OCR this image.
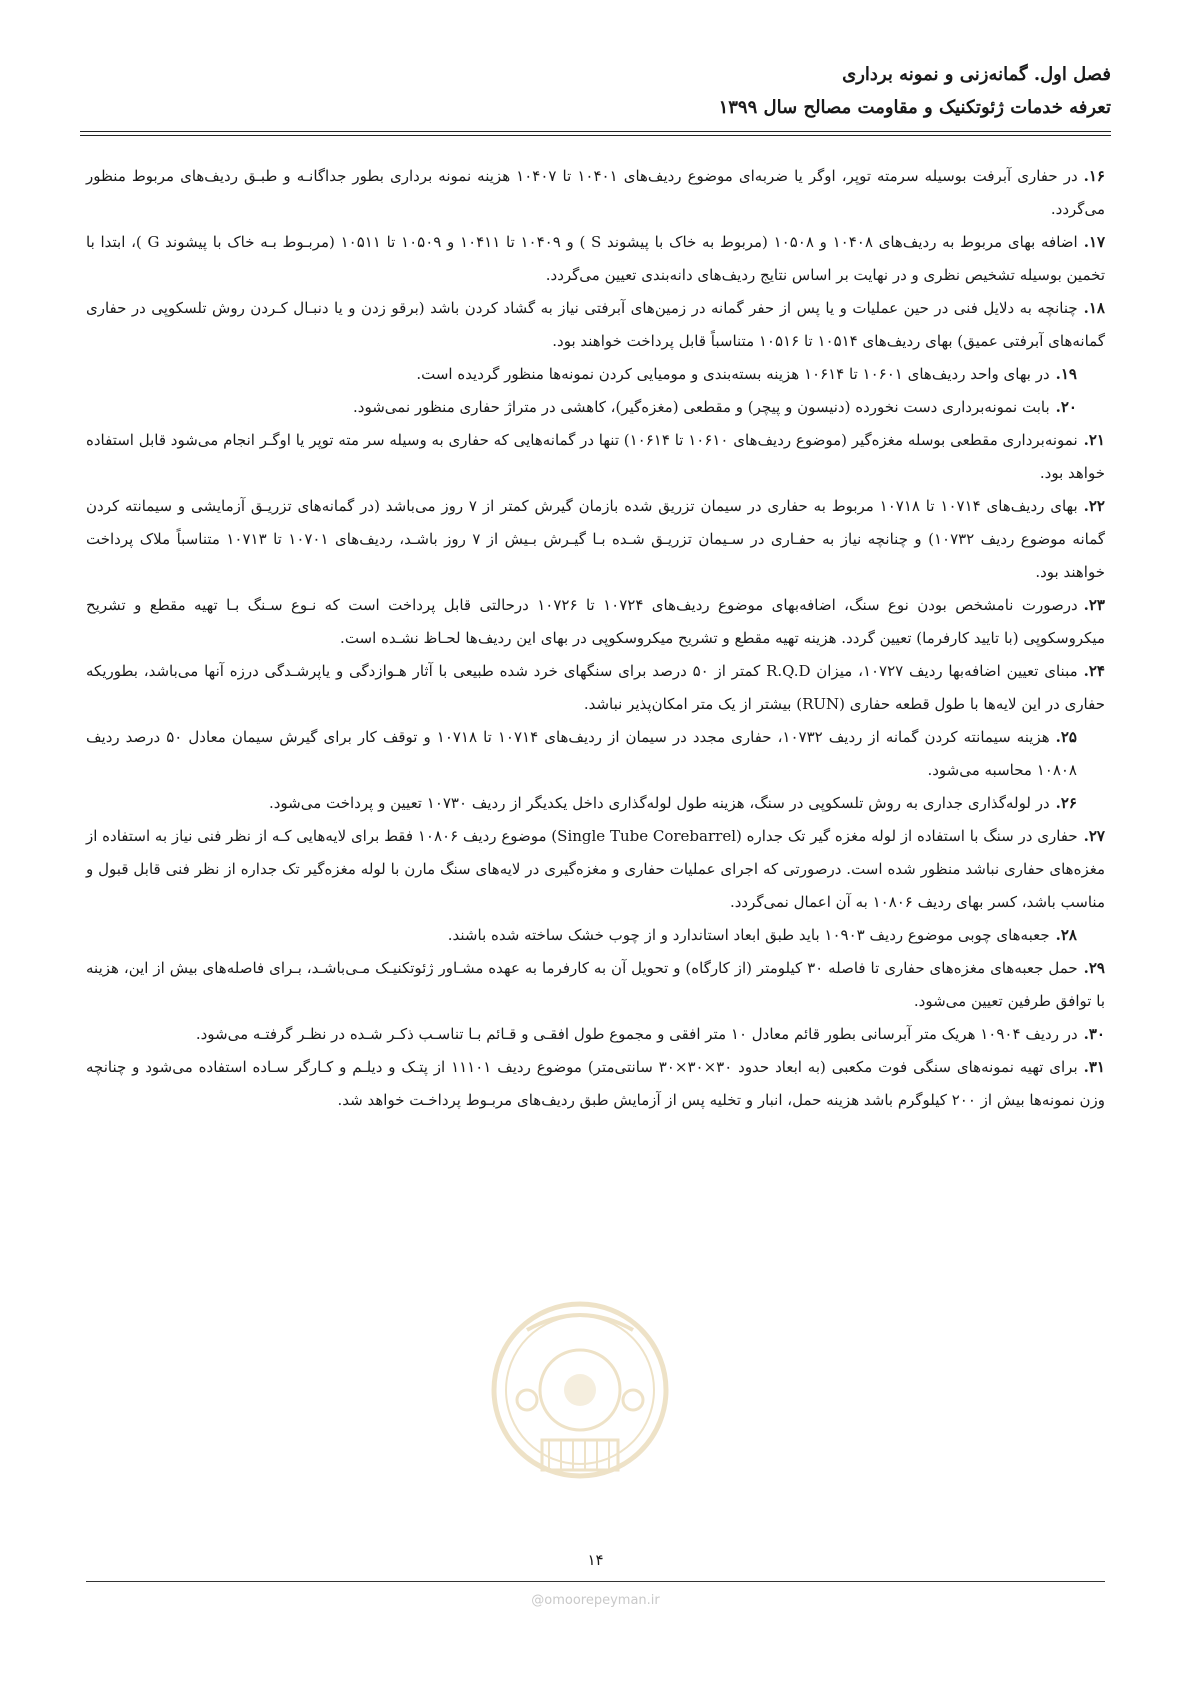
فصل اول. گمانه‌زنی و نمونه برداری
تعرفه خدمات ژئوتکنیک و مقاومت مصالح سال ۱۳۹۹

۱۶.در حفاری آبرفت بوسیله سرمته توپر، اوگر یا ضربه‌ای موضوع ردیف‌های ۱۰۴۰۱ تا ۱۰۴۰۷ هزینه نمونه برداری بطور جداگانـه و طبـق ردیف‌های مربوط منظور می‌گردد.

۱۷.اضافه بهای مربوط به ردیف‌های ۱۰۴۰۸ و ۱۰۵۰۸ (مربوط به خاک با پیشوند S ) و ۱۰۴۰۹ تا ۱۰۴۱۱ و ۱۰۵۰۹ تا ۱۰۵۱۱ (مربـوط بـه خاک با پیشوند G )، ابتدا با تخمین بوسیله تشخیص نظری و در نهایت بر اساس نتایج ردیف‌های دانه‌بندی تعیین می‌گردد.

۱۸.چنانچه به دلایل فنی در حین عملیات و یا پس از حفر گمانه در زمین‌های آبرفتی نیاز به گشاد کردن باشد (برقو زدن و یا دنبـال کـردن روش تلسکوپی در حفاری گمانه‌های آبرفتی عمیق) بهای ردیف‌های ۱۰۵۱۴ تا ۱۰۵۱۶ متناسباً قابل پرداخت خواهند بود.

۱۹.در بهای واحد ردیف‌های ۱۰۶۰۱ تا ۱۰۶۱۴ هزینه بسته‌بندی و مومیایی کردن نمونه‌ها منظور گردیده است.

۲۰.بابت نمونه‌برداری دست نخورده (دنیسون و پیچر) و مقطعی (مغزه‌گیر)، کاهشی در متراژ حفاری منظور نمی‌شود.

۲۱.نمونه‌برداری مقطعی بوسله مغزه‌گیر (موضوع ردیف‌های ۱۰۶۱۰ تا ۱۰۶۱۴) تنها در گمانه‌هایی که حفاری به وسیله سر مته توپر یا اوگـر انجام می‌شود قابل استفاده خواهد بود.

۲۲.بهای ردیف‌های ۱۰۷۱۴ تا ۱۰۷۱۸ مربوط به حفاری در سیمان تزریق شده بازمان گیرش کمتر از ۷ روز می‌باشد (در گمانه‌های تزریـق آزمایشی و سیمانته کردن گمانه موضوع ردیف ۱۰۷۳۲) و چنانچه نیاز به حفـاری در سـیمان تزریـق شـده بـا گیـرش بـیش از ۷ روز باشـد، ردیف‌های ۱۰۷۰۱ تا ۱۰۷۱۳ متناسباً ملاک پرداخت خواهند بود.

۲۳.درصورت نامشخص بودن نوع سنگ، اضافه‌بهای موضوع ردیف‌های ۱۰۷۲۴ تا ۱۰۷۲۶ درحالتی قابل پرداخت است که نـوع سـنگ بـا تهیه مقطع و تشریح میکروسکوپی (با تایید کارفرما) تعیین گردد. هزینه تهیه مقطع و تشریح میکروسکوپی در بهای این ردیف‌ها لحـاظ نشـده است.

۲۴.مبنای تعیین اضافه‌بها ردیف ۱۰۷۲۷، میزان R.Q.D کمتر از ۵۰ درصد برای سنگهای خرد شده طبیعی با آثار هـوازدگی و یاپرشـدگی درزه آنها می‌باشد، بطوریکه حفاری در این لایه‌ها با طول قطعه حفاری (RUN) بیشتر از یک متر امکان‌پذیر نباشد.

۲۵.هزینه سیمانته کردن گمانه از ردیف ۱۰۷۳۲، حفاری مجدد در سیمان از ردیف‌های ۱۰۷۱۴ تا ۱۰۷۱۸ و توقف کار برای گیرش سیمان معادل ۵۰ درصد ردیف ۱۰۸۰۸ محاسبه می‌شود.

۲۶.در لوله‌گذاری جداری به روش تلسکوپی در سنگ، هزینه طول لوله‌گذاری داخل یکدیگر از ردیف ۱۰۷۳۰ تعیین و پرداخت می‌شود.

۲۷.حفاری در سنگ با استفاده از لوله مغزه گیر تک جداره (Single Tube Corebarrel) موضوع ردیف ۱۰۸۰۶ فقط برای لایه‌هایی کـه از نظر فنی نیاز به استفاده از مغزه‌های حفاری نباشد منظور شده است. درصورتی که اجرای عملیات حفاری و مغزه‌گیری در لایه‌های سنگ مارن با لوله مغزه‌گیر تک جداره از نظر فنی قابل قبول و مناسب باشد، کسر بهای ردیف ۱۰۸۰۶ به آن اعمال نمی‌گردد.

۲۸.جعبه‌های چوبی موضوع ردیف ۱۰۹۰۳ باید طبق ابعاد استاندارد و از چوب خشک ساخته شده باشند.

۲۹.حمل جعبه‌های مغزه‌های حفاری تا فاصله ۳۰ کیلومتر (از کارگاه) و تحویل آن به کارفرما به عهده مشـاور ژئوتکنیـک مـی‌باشـد، بـرای فاصله‌های بیش از این، هزینه با توافق طرفین تعیین می‌شود.

۳۰.در ردیف ۱۰۹۰۴ هریک متر آبرسانی بطور قائم معادل ۱۰ متر افقی و مجموع طول افقـی و قـائم بـا تناسـب ذکـر شـده در نظـر گرفتـه می‌شود.

۳۱.برای تهیه نمونه‌های سنگی فوت مکعبی (به ابعاد حدود ۳۰×۳۰×۳۰ سانتی‌متر) موضوع ردیف ۱۱۱۰۱ از پتـک و دیلـم و کـارگر سـاده استفاده می‌شود و چنانچه وزن نمونه‌ها بیش از ۲۰۰ کیلوگرم باشد هزینه حمل، انبار و تخلیه پس از آزمایش طبق ردیف‌های مربـوط پرداخـت خواهد شد.

۱۴
@omoorepeyman.ir
